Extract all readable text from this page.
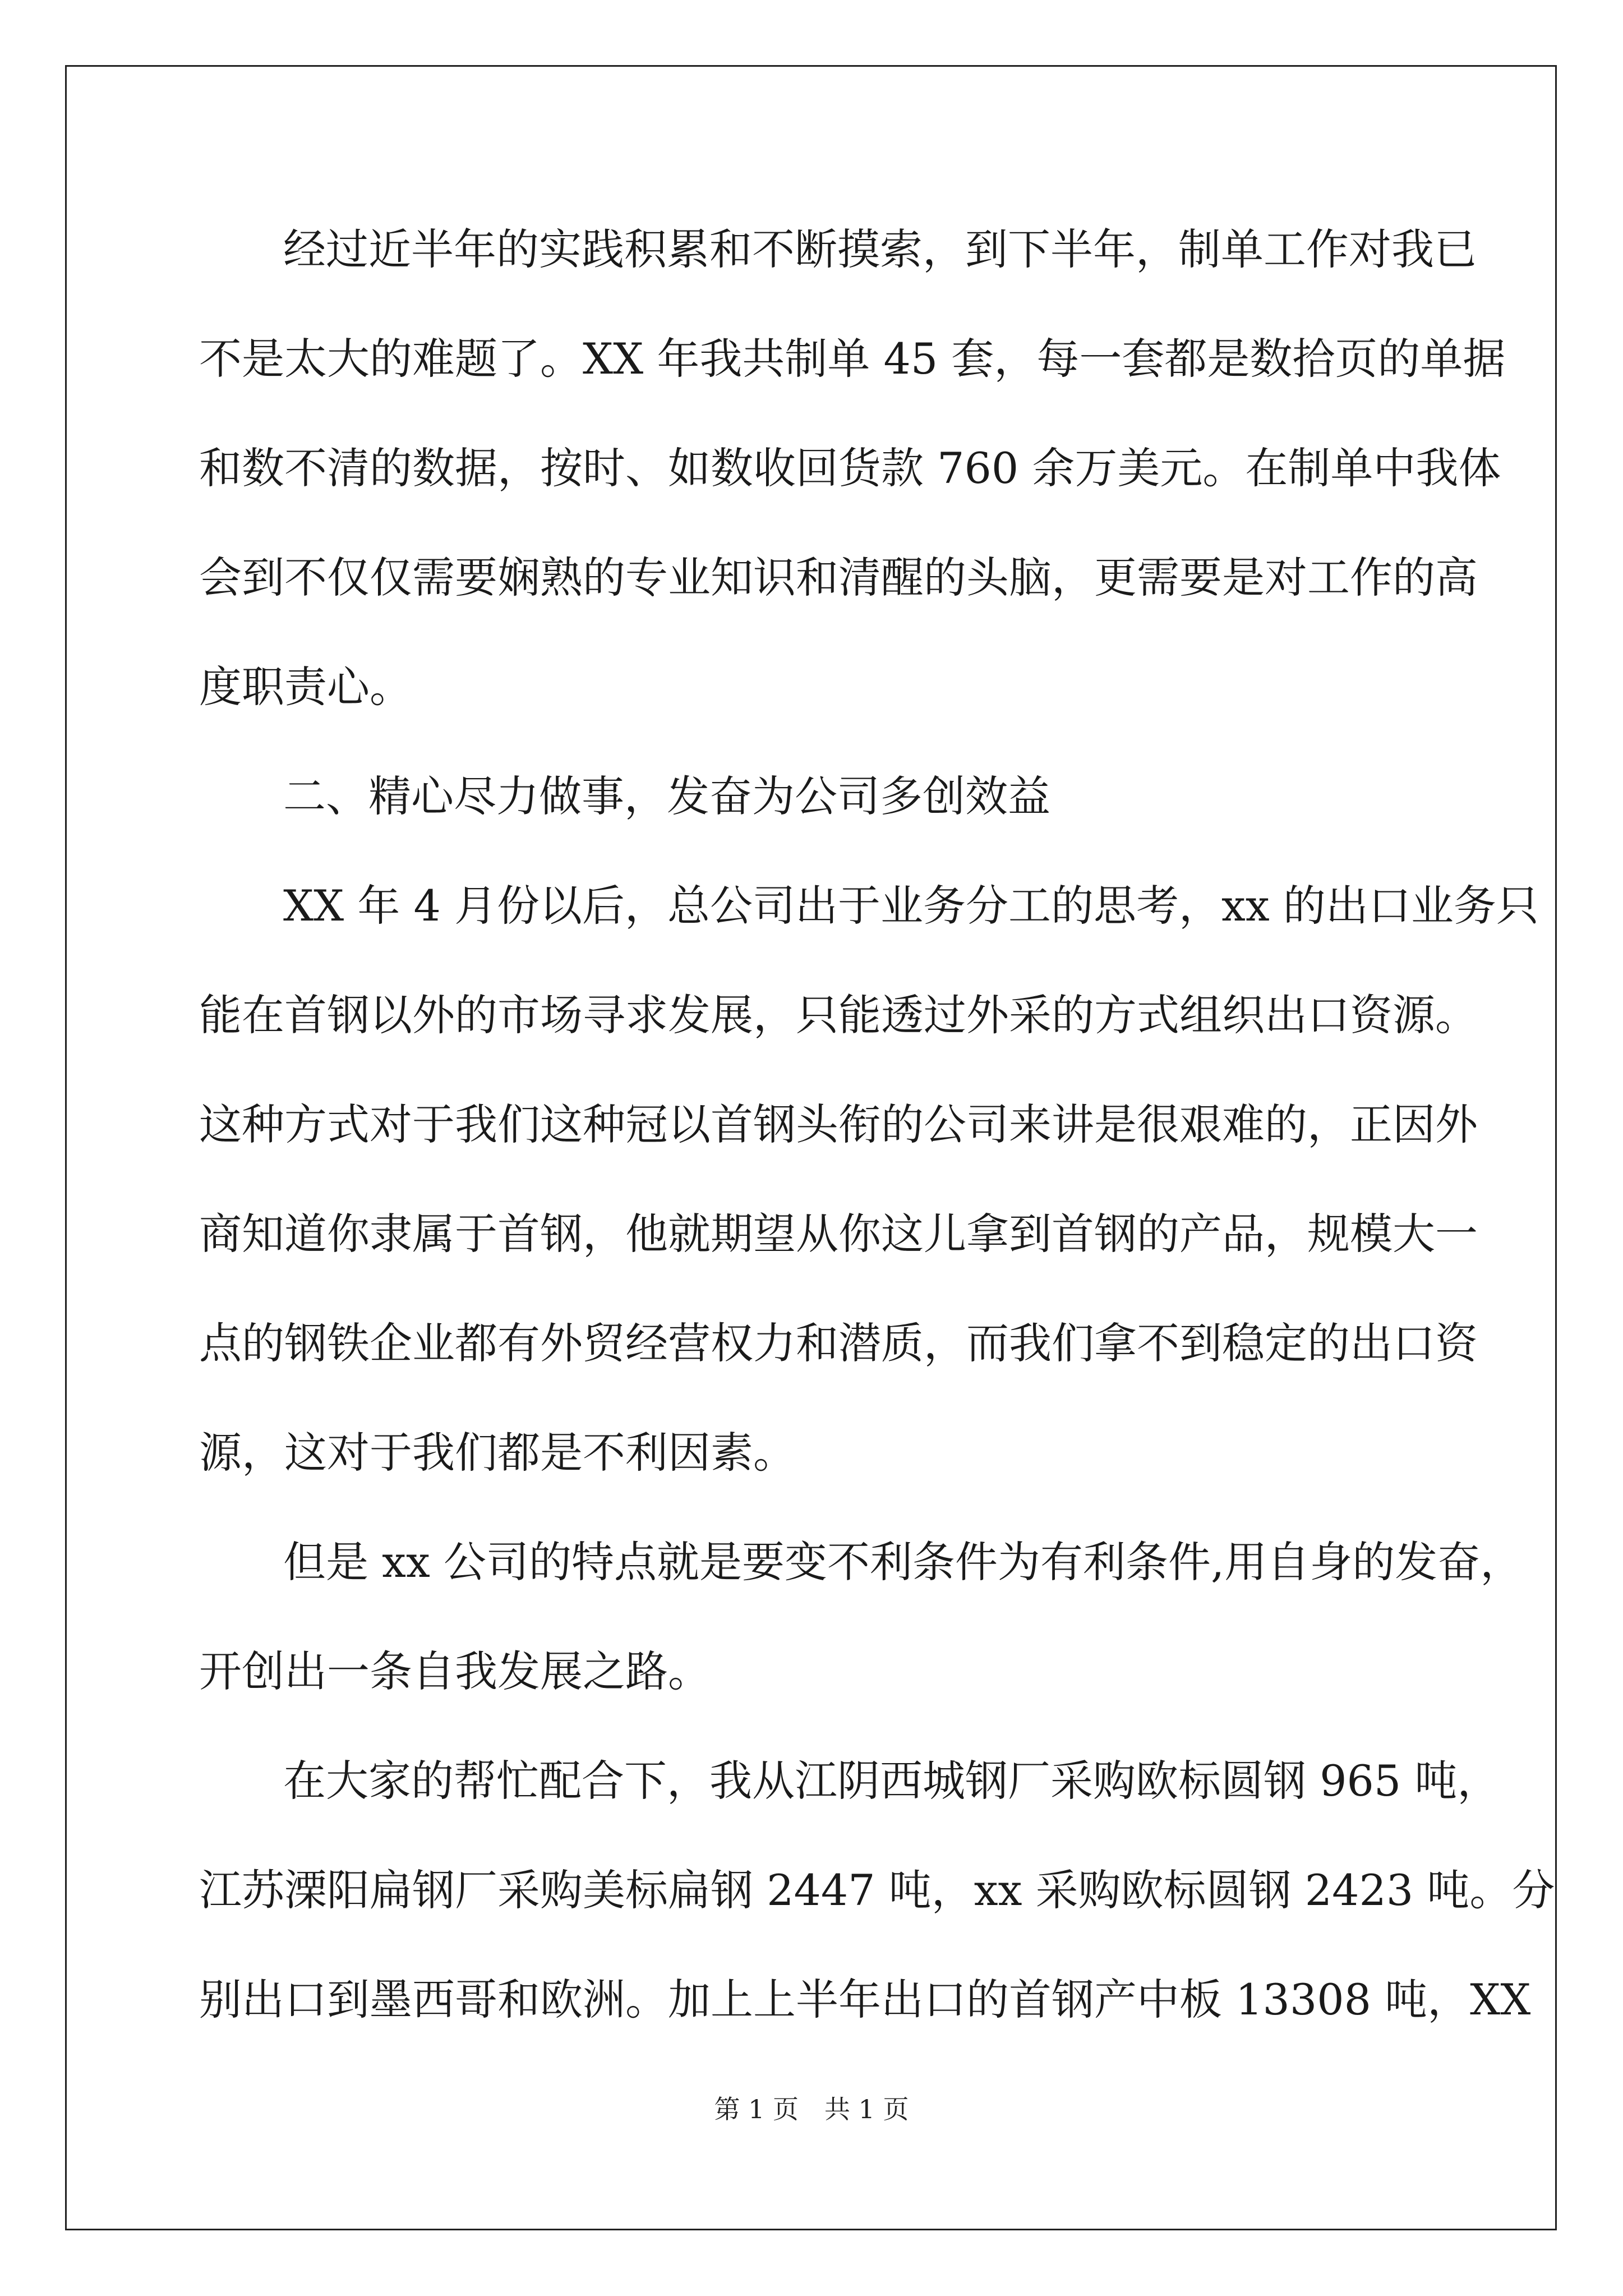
经过近半年的实践积累和不断摸索，到下半年，制单工作对我已
不是太大的难题了。XX 年我共制单 45 套，每一套都是数拾页的单据
和数不清的数据，按时、如数收回货款 760 余万美元。在制单中我体
会到不仅仅需要娴熟的专业知识和清醒的头脑，更需要是对工作的高
度职责心。
二、精心尽力做事，发奋为公司多创效益
XX 年 4 月份以后，总公司出于业务分工的思考，xx 的出口业务只
能在首钢以外的市场寻求发展，只能透过外采的方式组织出口资源。
这种方式对于我们这种冠以首钢头衔的公司来讲是很艰难的，正因外
商知道你隶属于首钢，他就期望从你这儿拿到首钢的产品，规模大一
点的钢铁企业都有外贸经营权力和潜质，而我们拿不到稳定的出口资
源，这对于我们都是不利因素。
但是 xx 公司的特点就是要变不利条件为有利条件,用自身的发奋，
开创出一条自我发展之路。
在大家的帮忙配合下，我从江阴西城钢厂采购欧标圆钢 965 吨，
江苏溧阳扁钢厂采购美标扁钢 2447 吨，xx 采购欧标圆钢 2423 吨。分
别出口到墨西哥和欧洲。加上上半年出口的首钢产中板 13308 吨，XX
第 1 页　共 1 页
